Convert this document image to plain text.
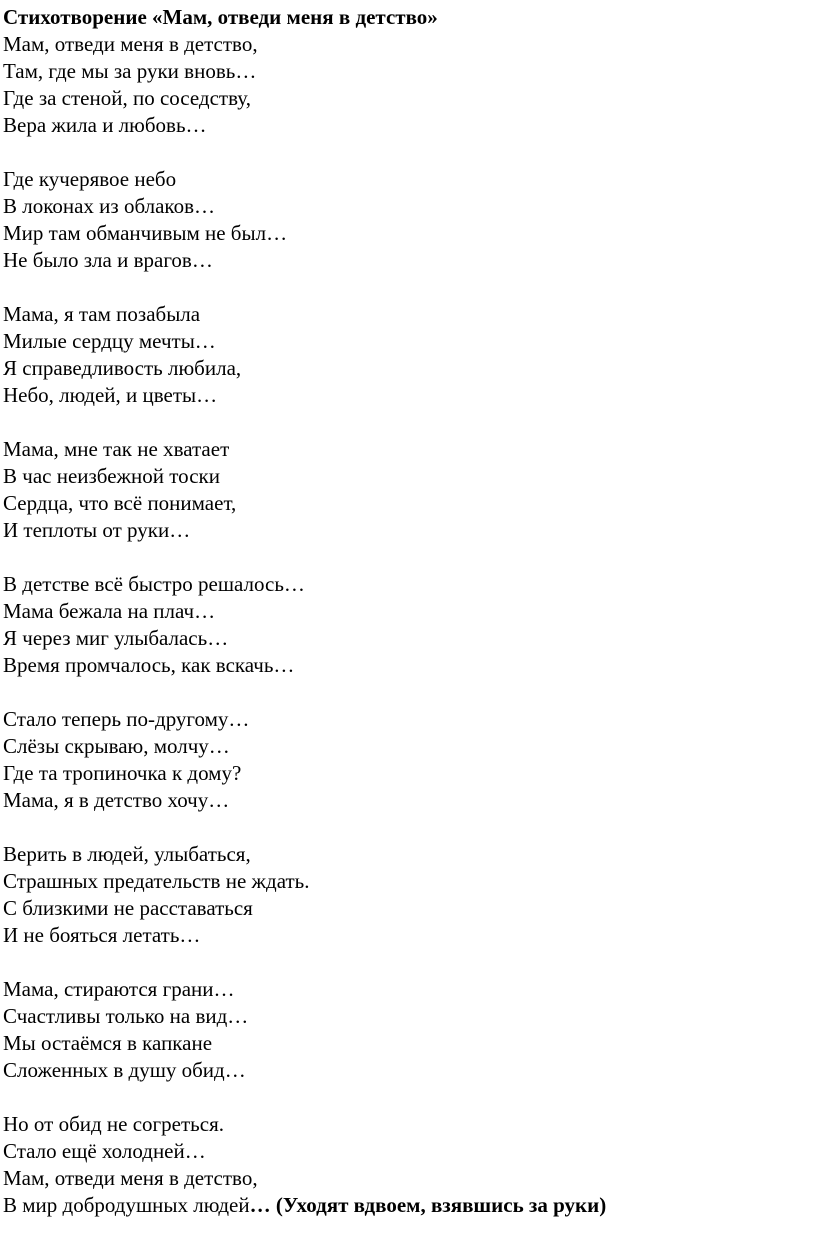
Стихотворение «Мам, отведи меня в детство»
Мам, отведи меня в детство,
Там, где мы за руки вновь…
Где за стеной, по соседству,
Вера жила и любовь…
Где кучерявое небо
В локонах из облаков…
Мир там обманчивым не был…
Не было зла и врагов…
Мама, я там позабыла
Милые сердцу мечты…
Я справедливость любила,
Небо, людей, и цветы…
Мама, мне так не хватает
В час неизбежной тоски
Сердца, что всё понимает,
И теплоты от руки…
В детстве всё быстро решалось…
Мама бежала на плач…
Я через миг улыбалась…
Время промчалось, как вскачь…
Стало теперь по-другому…
Слёзы скрываю, молчу…
Где та тропиночка к дому?
Мама, я в детство хочу…
Верить в людей, улыбаться,
Страшных предательств не ждать.
С близкими не расставаться
И не бояться летать…
Мама, стираются грани…
Счастливы только на вид…
Мы остаёмся в капкане
Сложенных в душу обид…
Но от обид не согреться.
Стало ещё холодней…
Мам, отведи меня в детство,
В мир добродушных людей… (Уходят вдвоем, взявшись за руки)
